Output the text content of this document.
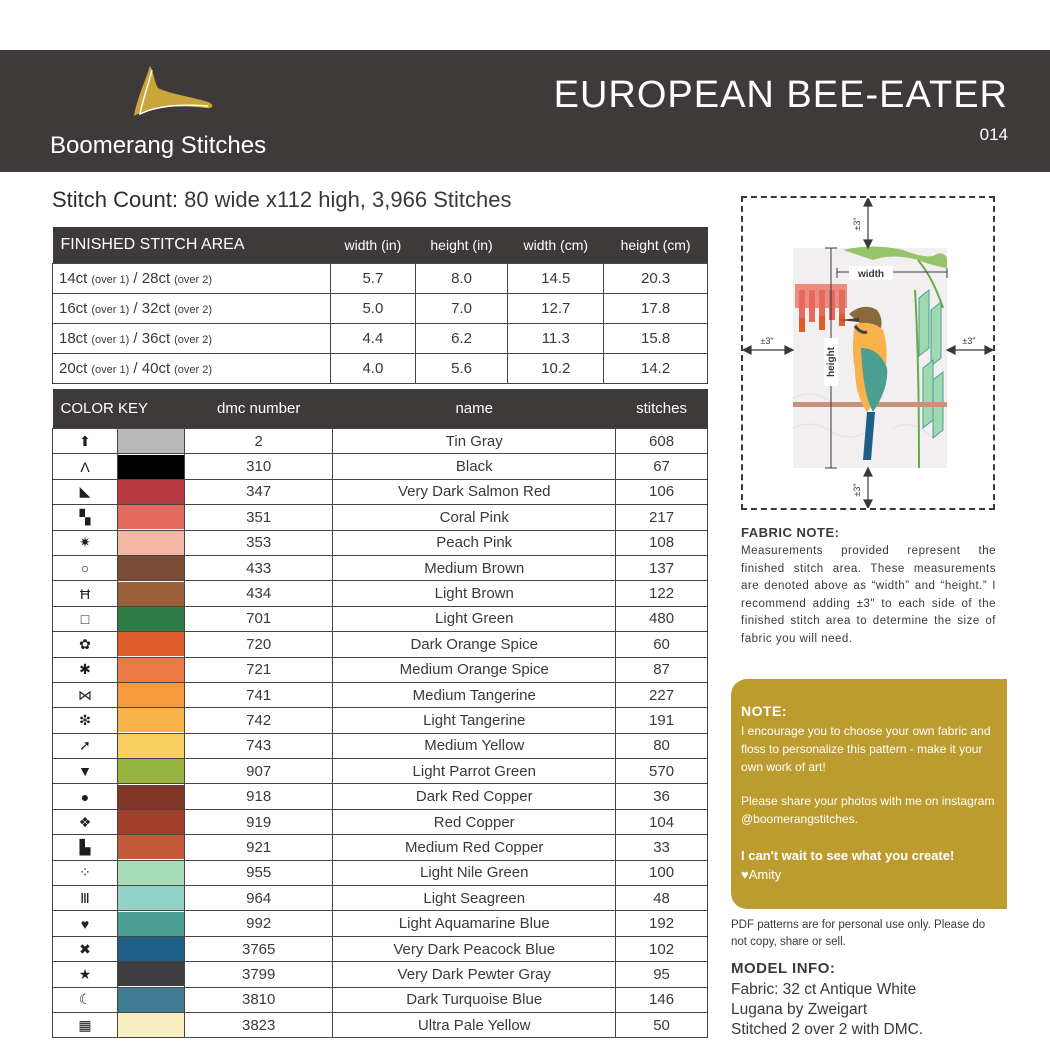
Boomerang Stitches
EUROPEAN BEE-EATER
014
Stitch Count: 80 wide x112 high, 3,966 Stitches
FINISHED STITCH AREA	width (in)	height (in)	width (cm)	height (cm)
14ct (over 1) / 28ct (over 2)	5.7	8.0	14.5	20.3
16ct (over 1) / 32ct (over 2)	5.0	7.0	12.7	17.8
18ct (over 1) / 36ct (over 2)	4.4	6.2	11.3	15.8
20ct (over 1) / 40ct (over 2)	4.0	5.6	10.2	14.2
COLOR KEY		dmc number	name	stitches
⬆		2	Tin Gray	608
Λ		310	Black	67
◣		347	Very Dark Salmon Red	106
▚		351	Coral Pink	217
✷		353	Peach Pink	108
○		433	Medium Brown	137
Ħ		434	Light Brown	122
□		701	Light Green	480
✿		720	Dark Orange Spice	60
✱		721	Medium Orange Spice	87
⋈		741	Medium Tangerine	227
❇		742	Light Tangerine	191
➚		743	Medium Yellow	80
▼		907	Light Parrot Green	570
●		918	Dark Red Copper	36
❖		919	Red Copper	104
▙		921	Medium Red Copper	33
⁘		955	Light Nile Green	100
Ⅲ		964	Light Seagreen	48
♥		992	Light Aquamarine Blue	192
✖		3765	Very Dark Peacock Blue	102
★		3799	Very Dark Pewter Gray	95
☾		3810	Dark Turquoise Blue	146
▦		3823	Ultra Pale Yellow	50
width
height
±3"
±3"
±3"	±3"
FABRIC NOTE:
Measurements provided represent the finished stitch area. These measurements are denoted above as “width” and “height.” I recommend adding ±3" to each side of the finished stitch area to determine the size of fabric you will need.
NOTE:
I encourage you to choose your own fabric and floss to personalize this pattern - make it your own work of art!
Please share your photos with me on instagram @boomerangstitches.
I can't wait to see what you create!
♥Amity
PDF patterns are for personal use only. Please do not copy, share or sell.
MODEL INFO:
Fabric: 32 ct Antique White
Lugana by Zweigart
Stitched 2 over 2 with DMC.
